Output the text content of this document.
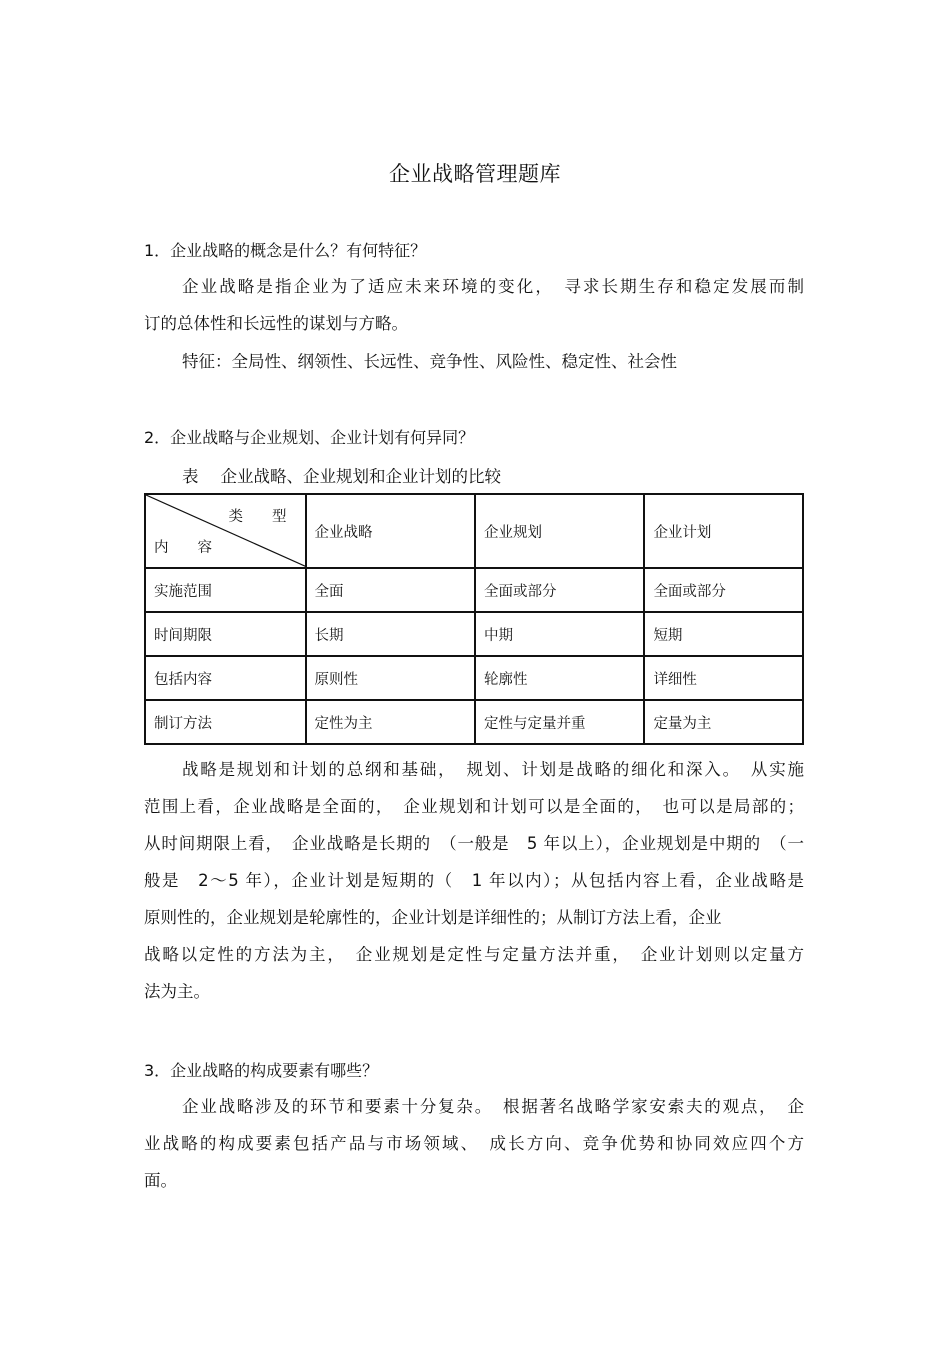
企业战略管理题库
1．企业战略的概念是什么？有何特征？
企业战略是指企业为了适应未来环境的变化，　寻求长期生存和稳定发展而制
订的总体性和长远性的谋划与方略。
特征：全局性、纲领性、长远性、竞争性、风险性、稳定性、社会性
2．企业战略与企业规划、企业计划有何异同？
表 企业战略、企业规划和企业计划的比较
类　　型
内　　容	企业战略	企业规划	企业计划
实施范围	全面	全面或部分	全面或部分
时间期限	长期	中期	短期
包括内容	原则性	轮廓性	详细性
制订方法	定性为主	定性与定量并重	定量为主
战略是规划和计划的总纲和基础，　规划、计划是战略的细化和深入。　从实施
范围上看，企业战略是全面的，　企业规划和计划可以是全面的，　也可以是局部的；
从时间期限上看，　企业战略是长期的　（一般是　5 年以上），企业规划是中期的　（一
般是　2～5 年），企业计划是短期的（　1 年以内）；从包括内容上看，企业战略是
原则性的，企业规划是轮廓性的，企业计划是详细性的；从制订方法上看，企业
战略以定性的方法为主，　企业规划是定性与定量方法并重，　企业计划则以定量方
法为主。
3．企业战略的构成要素有哪些？
企业战略涉及的环节和要素十分复杂。　根据著名战略学家安索夫的观点，　企
业战略的构成要素包括产品与市场领域、　成长方向、竞争优势和协同效应四个方
面。
